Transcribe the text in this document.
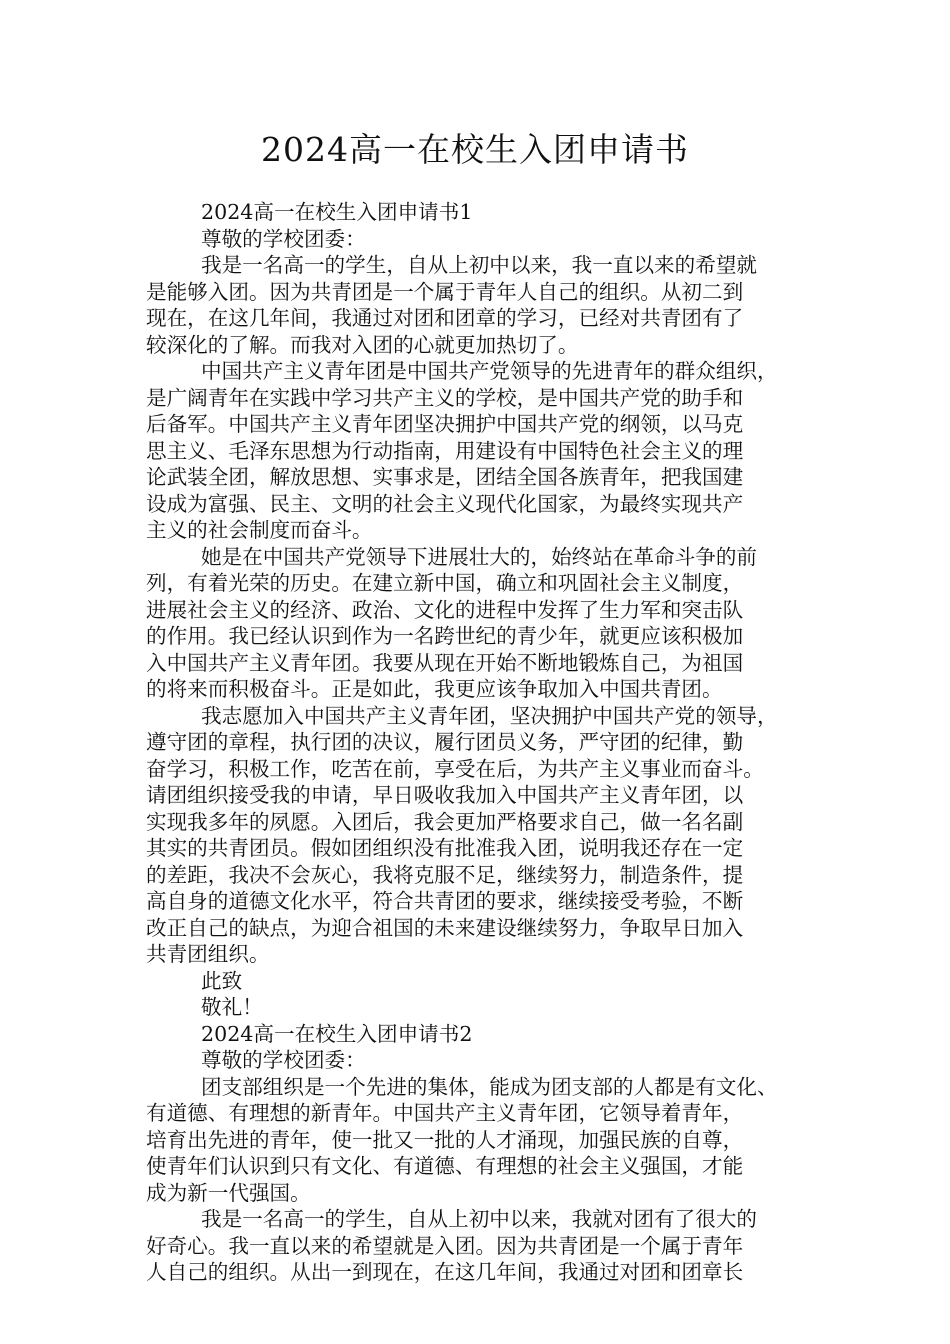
2024高一在校生入团申请书

2024高一在校生入团申请书1

尊敬的学校团委：

我是一名高一的学生，自从上初中以来，我一直以来的希望就

是能够入团。因为共青团是一个属于青年人自己的组织。从初二到

现在，在这几年间，我通过对团和团章的学习，已经对共青团有了

较深化的了解。而我对入团的心就更加热切了。

中国共产主义青年团是中国共产党领导的先进青年的群众组织，

是广阔青年在实践中学习共产主义的学校，是中国共产党的助手和

后备军。中国共产主义青年团坚决拥护中国共产党的纲领，以马克

思主义、毛泽东思想为行动指南，用建设有中国特色社会主义的理

论武装全团，解放思想、实事求是，团结全国各族青年，把我国建

设成为富强、民主、文明的社会主义现代化国家，为最终实现共产

主义的社会制度而奋斗。

她是在中国共产党领导下进展壮大的，始终站在革命斗争的前

列，有着光荣的历史。在建立新中国，确立和巩固社会主义制度，

进展社会主义的经济、政治、文化的进程中发挥了生力军和突击队

的作用。我已经认识到作为一名跨世纪的青少年，就更应该积极加

入中国共产主义青年团。我要从现在开始不断地锻炼自己，为祖国

的将来而积极奋斗。正是如此，我更应该争取加入中国共青团。

我志愿加入中国共产主义青年团，坚决拥护中国共产党的领导，

遵守团的章程，执行团的决议，履行团员义务，严守团的纪律，勤

奋学习，积极工作，吃苦在前，享受在后，为共产主义事业而奋斗。

请团组织接受我的申请，早日吸收我加入中国共产主义青年团，以

实现我多年的夙愿。入团后，我会更加严格要求自己，做一名名副

其实的共青团员。假如团组织没有批准我入团，说明我还存在一定

的差距，我决不会灰心，我将克服不足，继续努力，制造条件，提

高自身的道德文化水平，符合共青团的要求，继续接受考验，不断

改正自己的缺点，为迎合祖国的未来建设继续努力，争取早日加入

共青团组织。

此致

敬礼！

2024高一在校生入团申请书2

尊敬的学校团委：

团支部组织是一个先进的集体，能成为团支部的人都是有文化、

有道德、有理想的新青年。中国共产主义青年团，它领导着青年，

培育出先进的青年，使一批又一批的人才涌现，加强民族的自尊，

使青年们认识到只有文化、有道德、有理想的社会主义强国，才能

成为新一代强国。

我是一名高一的学生，自从上初中以来，我就对团有了很大的

好奇心。我一直以来的希望就是入团。因为共青团是一个属于青年

人自己的组织。从出一到现在，在这几年间，我通过对团和团章长
